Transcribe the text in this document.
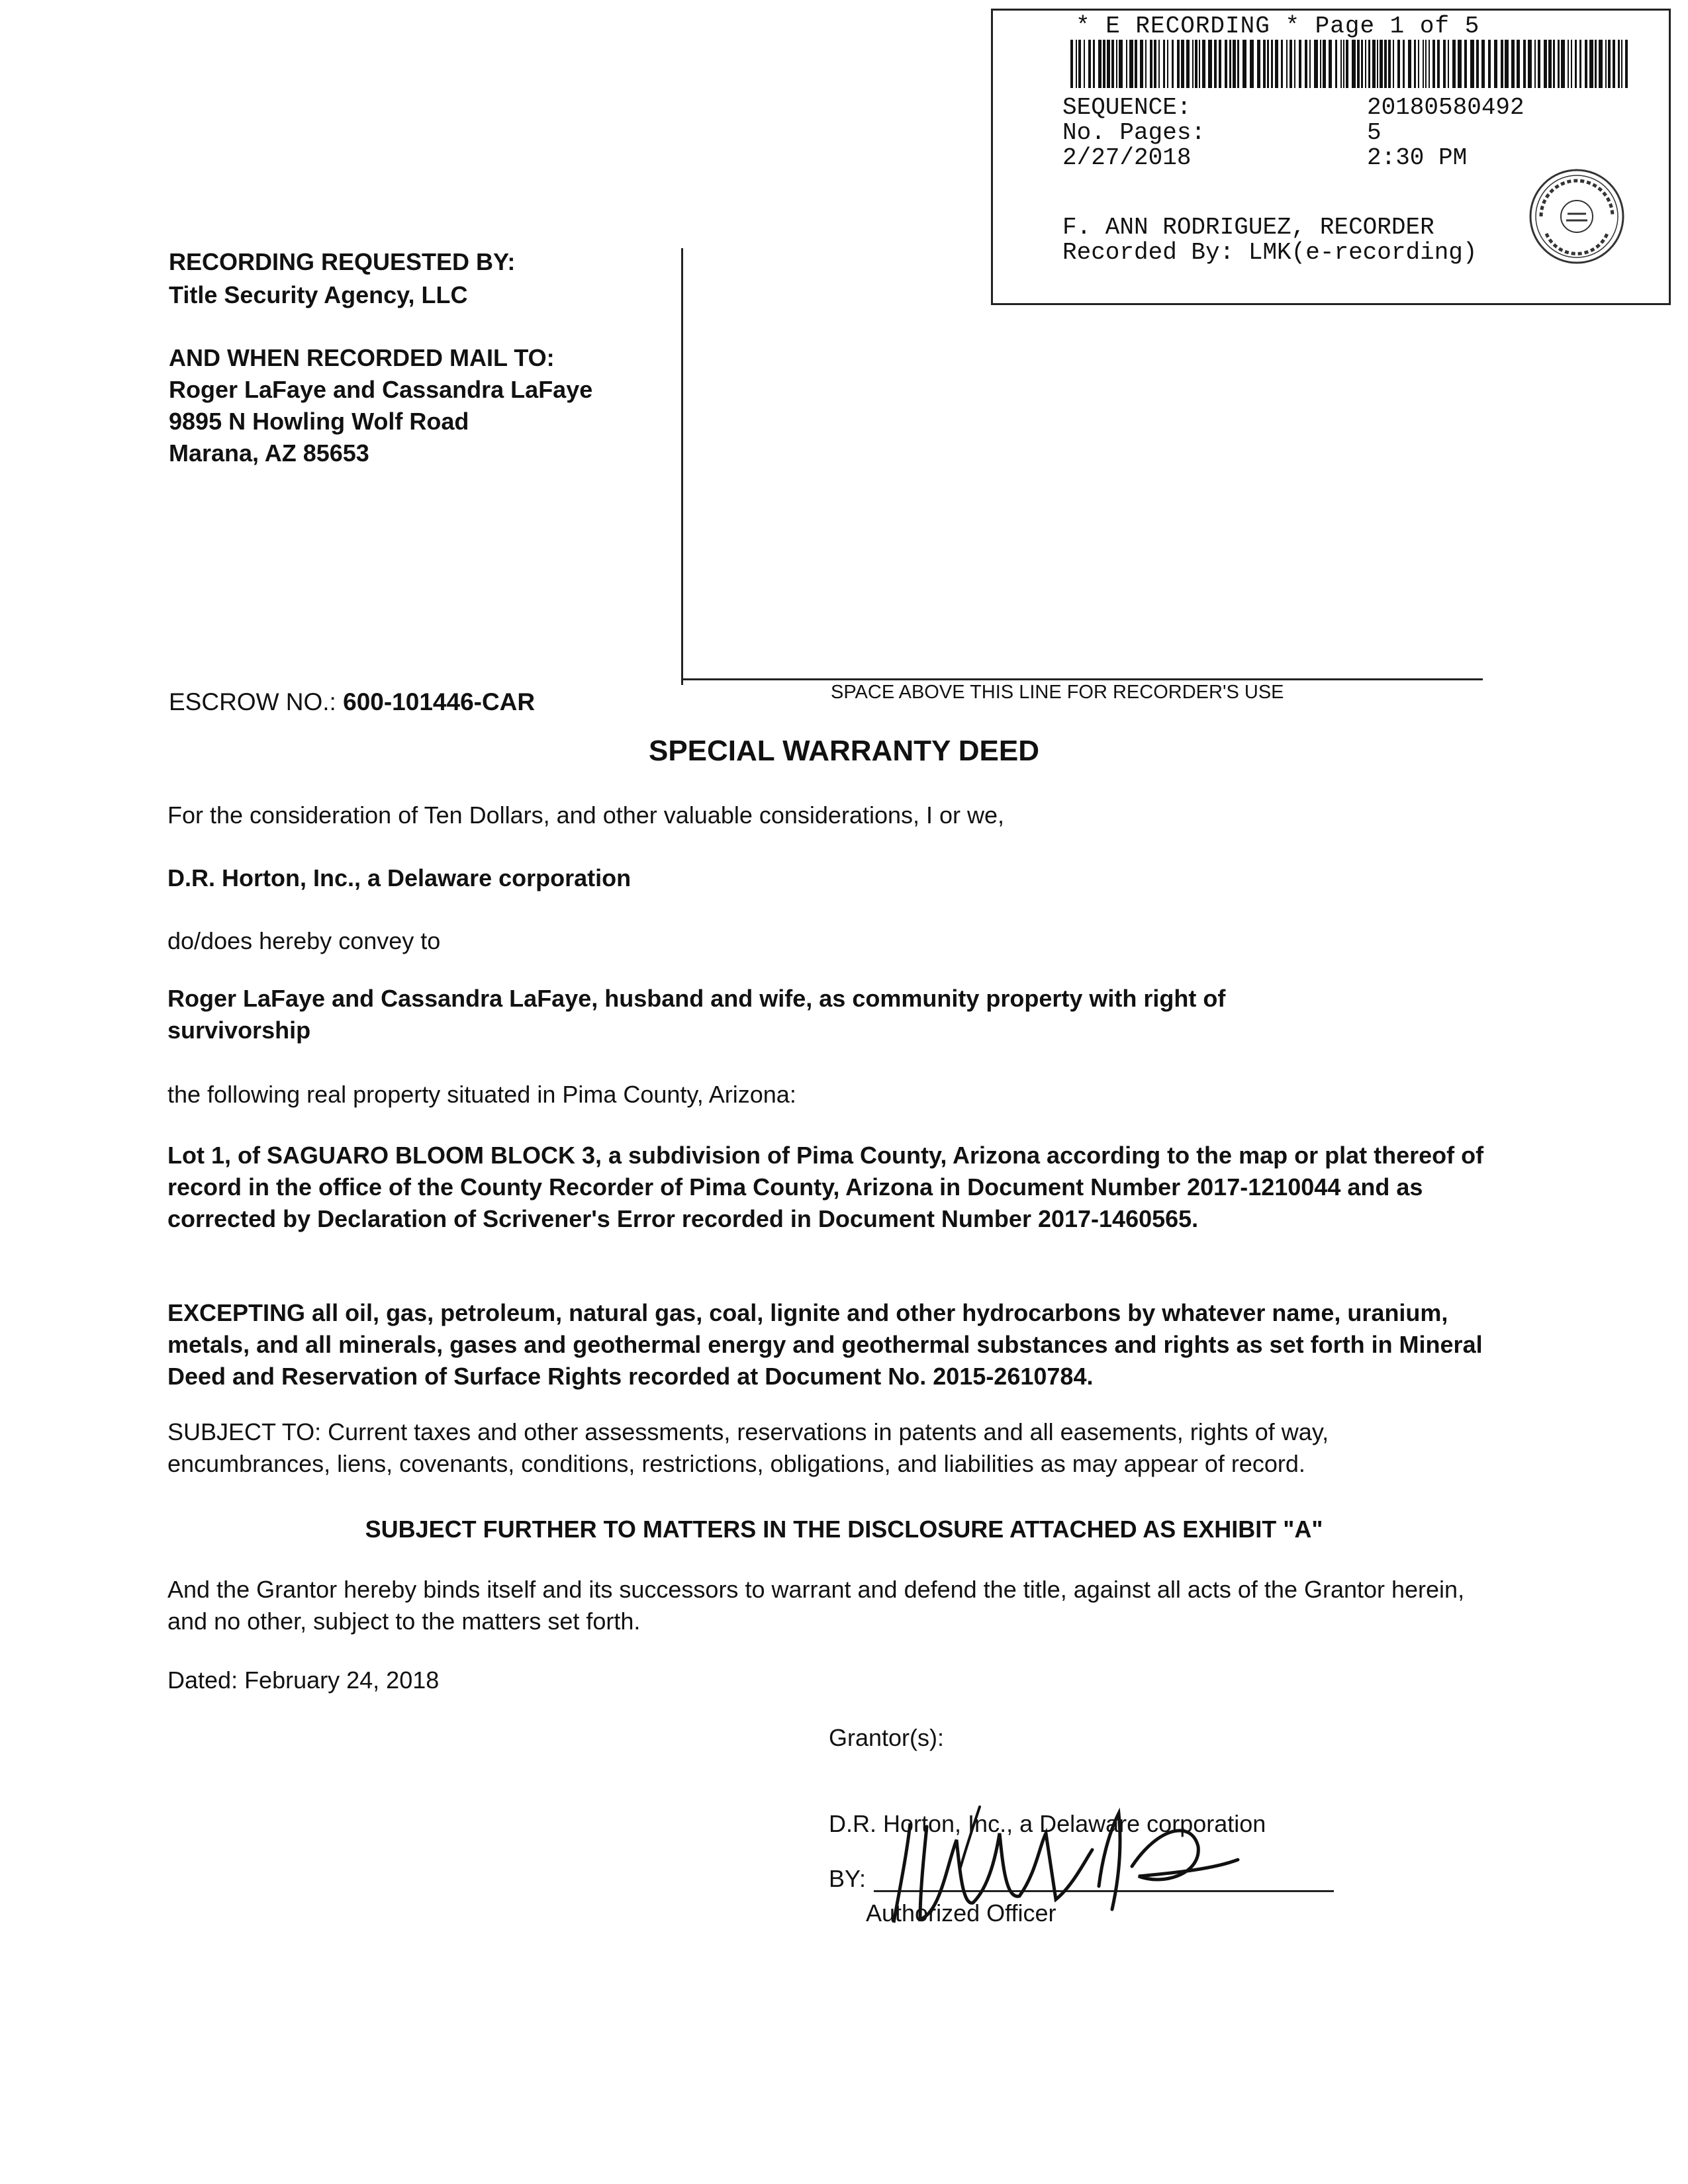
* E RECORDING * Page 1 of 5
SEQUENCE:	20180580492
No. Pages:	5
2/27/2018	2:30 PM
F. ANN RODRIGUEZ, RECORDER
Recorded By: LMK(e-recording)
RECORDING REQUESTED BY:
Title Security Agency, LLC
AND WHEN RECORDED MAIL TO:
Roger LaFaye and Cassandra LaFaye
9895 N Howling Wolf Road
Marana, AZ 85653
ESCROW NO.: 600-101446-CAR	SPACE ABOVE THIS LINE FOR RECORDER'S USE
SPECIAL WARRANTY DEED
For the consideration of Ten Dollars, and other valuable considerations, I or we,
D.R. Horton, Inc., a Delaware corporation
do/does hereby convey to
Roger LaFaye and Cassandra LaFaye, husband and wife, as community property with right of survivorship
the following real property situated in Pima County, Arizona:
Lot 1, of SAGUARO BLOOM BLOCK 3, a subdivision of Pima County, Arizona according to the map or plat thereof of record in the office of the County Recorder of Pima County, Arizona in Document Number 2017-1210044 and as corrected by Declaration of Scrivener's Error recorded in Document Number 2017-1460565.
EXCEPTING all oil, gas, petroleum, natural gas, coal, lignite and other hydrocarbons by whatever name, uranium, metals, and all minerals, gases and geothermal energy and geothermal substances and rights as set forth in Mineral Deed and Reservation of Surface Rights recorded at Document No. 2015-2610784.
SUBJECT TO: Current taxes and other assessments, reservations in patents and all easements, rights of way, encumbrances, liens, covenants, conditions, restrictions, obligations, and liabilities as may appear of record.
SUBJECT FURTHER TO MATTERS IN THE DISCLOSURE ATTACHED AS EXHIBIT "A"
And the Grantor hereby binds itself and its successors to warrant and defend the title, against all acts of the Grantor herein, and no other, subject to the matters set forth.
Dated: February 24, 2018
Grantor(s):
D.R. Horton, Inc., a Delaware corporation
BY:
Authorized Officer
